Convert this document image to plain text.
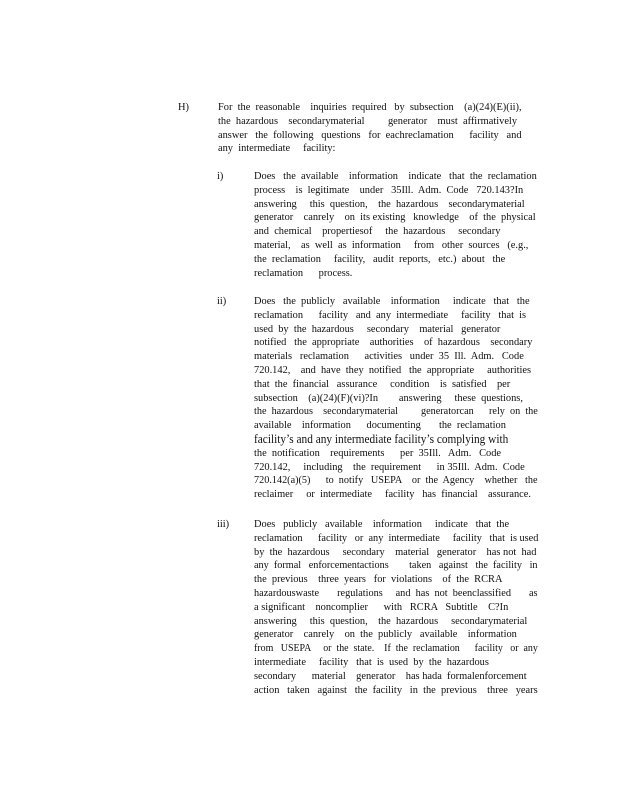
H)	For  the  reasonable    inquiries  required   by  subsection    (a)(24)(E)(ii),
the  hazardous    secondarymaterial         generator    must  affirmatively
answer   the  following   questions   for  eachreclamation      facility   and
any  intermediate     facility:
i)	Does   the  available    information    indicate   that  the  reclamation
process    is  legitimate    under   35Ill.  Adm.  Code   720.143?In
answering     this  question,    the  hazardous    secondarymaterial
generator    canrely    on  its existing   knowledge    of  the  physical
and  chemical    propertiesof     the  hazardous     secondary
material,    as  well  as  information     from   other  sources   (e.g.,
the  reclamation     facility,   audit  reports,   etc.)  about   the
reclamation      process.
ii)	Does   the  publicly   available    information     indicate   that   the
reclamation      facility   and  any  intermediate     facility   that  is
used  by  the  hazardous     secondary    material   generator
notified   the  appropriate    authorities    of  hazardous    secondary
materials   reclamation      activities   under  35  Ill.  Adm.   Code
720.142,    and  have  they  notified   the  appropriate     authorities
that  the  financial   assurance     condition    is  satisfied    per
subsection    (a)(24)(F)(vi)?In        answering     these  questions,
the  hazardous    secondarymaterial         generatorcan      rely  on  the
available    information      documenting       the  reclamation
facility’s and any intermediate facility’s complying with
the  notification    requirements      per  35Ill.   Adm.   Code
720.142,     including    the  requirement      in 35Ill.  Adm.  Code
720.142(a)(5)      to  notify   USEPA    or  the  Agency    whether   the
reclaimer     or  intermediate     facility   has  financial    assurance.
iii) Does   publicly   available    information     indicate   that  the
reclamation      facility   or  any  intermediate     facility   that  is used
by  the  hazardous     secondary    material   generator    has not  had
any  formal   enforcementactions        taken   against   the  facility   in
the  previous    three  years   for  violations    of  the  RCRA
hazardouswaste       regulations     and  has  not  beenclassified       as
a significant    noncomplier      with   RCRA   Subtitle    C?In
answering     this  question,    the  hazardous     secondarymaterial
generator    canrely    on  the  publicly   available    information
from   USEPA     or  the  state.    If  the  reclamation      facility   or  any
intermediate     facility   that  is  used  by  the  hazardous
secondary      material    generator    has hada  formalenforcement
action   taken   against   the  facility   in  the  previous    three   years
